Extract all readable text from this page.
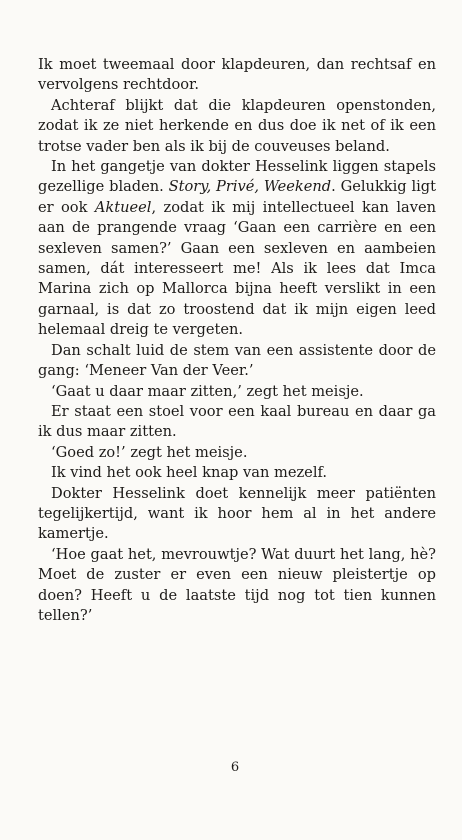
Ik moet tweemaal door klapdeuren, dan rechtsaf en vervolgens rechtdoor.

Achteraf blijkt dat die klapdeuren openstonden, zodat ik ze niet herkende en dus doe ik net of ik een trotse vader ben als ik bij de couveuses beland.

In het gangetje van dokter Hesselink liggen stapels gezellige bladen. Story, Privé, Weekend. Gelukkig ligt er ook Aktueel, zodat ik mij intellectueel kan laven aan de prangende vraag ‘Gaan een carrière en een sexleven samen?’ Gaan een sexleven en aambeien samen, dát interesseert me! Als ik lees dat Imca Marina zich op Mallorca bijna heeft verslikt in een garnaal, is dat zo troostend dat ik mijn eigen leed helemaal dreig te vergeten.

Dan schalt luid de stem van een assistente door de gang: ‘Meneer Van der Veer.’

‘Gaat u daar maar zitten,’ zegt het meisje.

Er staat een stoel voor een kaal bureau en daar ga ik dus maar zitten.

‘Goed zo!’ zegt het meisje.

Ik vind het ook heel knap van mezelf.

Dokter Hesselink doet kennelijk meer patiënten tegelijkertijd, want ik hoor hem al in het andere kamertje.

‘Hoe gaat het, mevrouwtje? Wat duurt het lang, hè? Moet de zuster er even een nieuw pleistertje op doen? Heeft u de laatste tijd nog tot tien kunnen tellen?’

6
